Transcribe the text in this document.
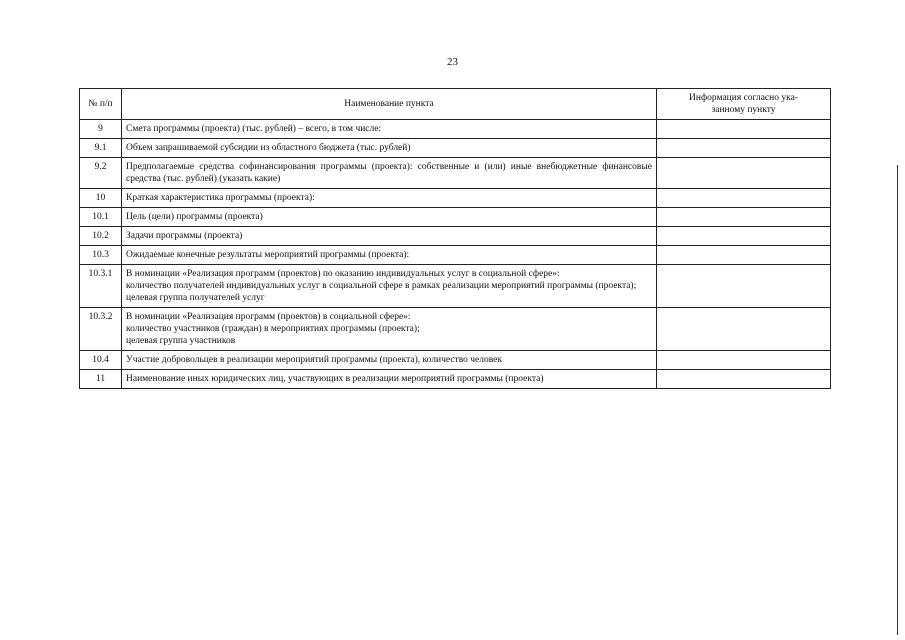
23
№ п/п	Наименование пункта	Информация согласно ука-
занному пункту

9	Смета программы (проекта) (тыс. рублей) – всего, в том числе:	

9.1	Объем запрашиваемой субсидии из областного бюджета (тыс. рублей)	

9.2	Предполагаемые средства софинансирования программы (проекта): собственные и (или) иные внебюджетные финансовые средства (тыс. рублей) (указать какие)	

10	Краткая характеристика программы (проекта):	

10.1	Цель (цели) программы (проекта)	

10.2	Задачи программы (проекта)	

10.3	Ожидаемые конечные результаты мероприятий программы (проекта):	

10.3.1	В номинации «Реализация программ (проектов) по оказанию индивидуальных услуг в социальной сфере»:
количество получателей индивидуальных услуг в социальной сфере в рамках реализации мероприятий программы (проекта);
целевая группа получателей услуг	

10.3.2	В номинации «Реализация программ (проектов) в социальной сфере»:
количество участников (граждан) в мероприятиях программы (проекта);
целевая группа участников	

10.4	Участие добровольцев в реализации мероприятий программы (проекта), количество человек	

11	Наименование иных юридических лиц, участвующих в реализации мероприятий программы (проекта)	
